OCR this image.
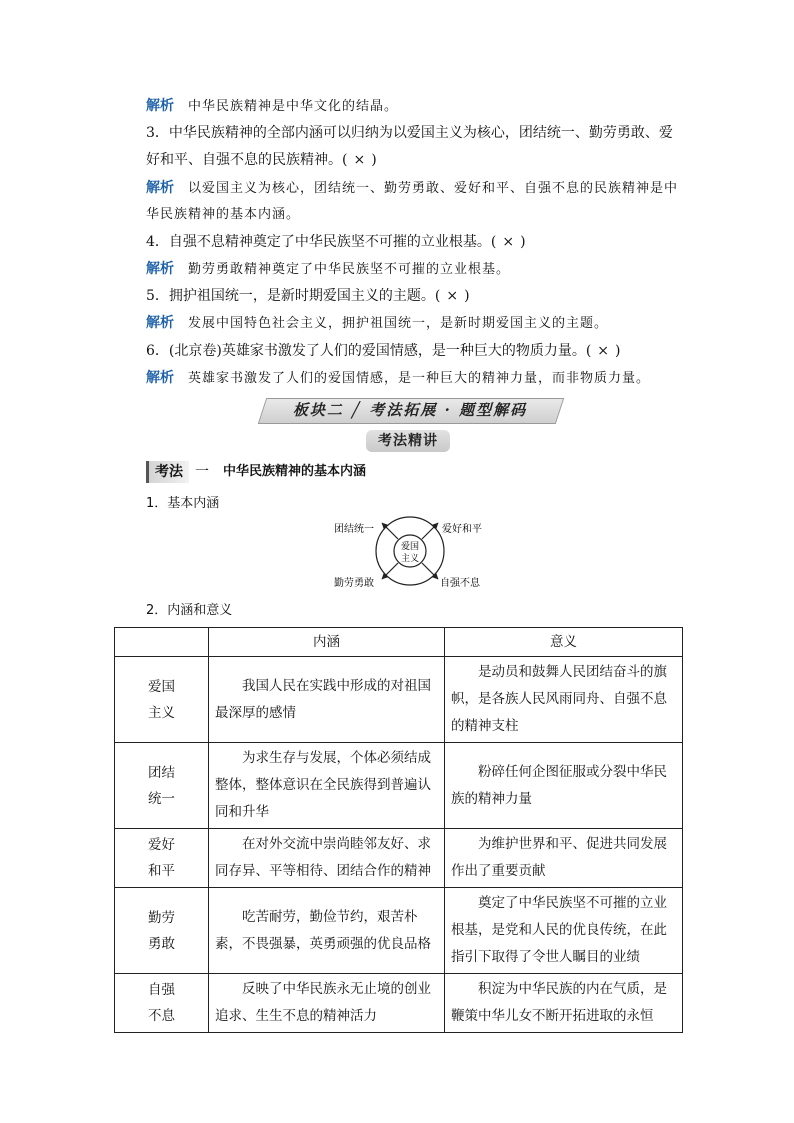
解析 中华民族精神是中华文化的结晶。
3．中华民族精神的全部内涵可以归纳为以爱国主义为核心，团结统一、勤劳勇敢、爱
好和平、自强不息的民族精神。( × )
解析 以爱国主义为核心，团结统一、勤劳勇敢、爱好和平、自强不息的民族精神是中
华民族精神的基本内涵。
4．自强不息精神奠定了中华民族坚不可摧的立业根基。( × )
解析 勤劳勇敢精神奠定了中华民族坚不可摧的立业根基。
5．拥护祖国统一，是新时期爱国主义的主题。( × )
解析 发展中国特色社会主义，拥护祖国统一，是新时期爱国主义的主题。
6．(北京卷)英雄家书激发了人们的爱国情感，是一种巨大的物质力量。( × )
解析 英雄家书激发了人们的爱国情感，是一种巨大的精神力量，而非物质力量。
板块二 ╱ 考法拓展 · 题型解码
考法精讲
考法 一 中华民族精神的基本内涵
1．基本内涵
爱国
主义
团结统一	爱好和平
勤劳勇敢	自强不息
2．内涵和意义
	内涵	意义
爱国
主义	我国人民在实践中形成的对祖国最深厚的感情	是动员和鼓舞人民团结奋斗的旗帜，是各族人民风雨同舟、自强不息的精神支柱
团结
统一	为求生存与发展，个体必须结成整体，整体意识在全民族得到普遍认同和升华	粉碎任何企图征服或分裂中华民族的精神力量
爱好
和平	在对外交流中崇尚睦邻友好、求同存异、平等相待、团结合作的精神	为维护世界和平、促进共同发展作出了重要贡献
勤劳
勇敢	吃苦耐劳，勤俭节约，艰苦朴素，不畏强暴，英勇顽强的优良品格	奠定了中华民族坚不可摧的立业根基，是党和人民的优良传统，在此指引下取得了令世人瞩目的业绩
自强
不息	反映了中华民族永无止境的创业追求、生生不息的精神活力	积淀为中华民族的内在气质，是鞭策中华儿女不断开拓进取的永恒
